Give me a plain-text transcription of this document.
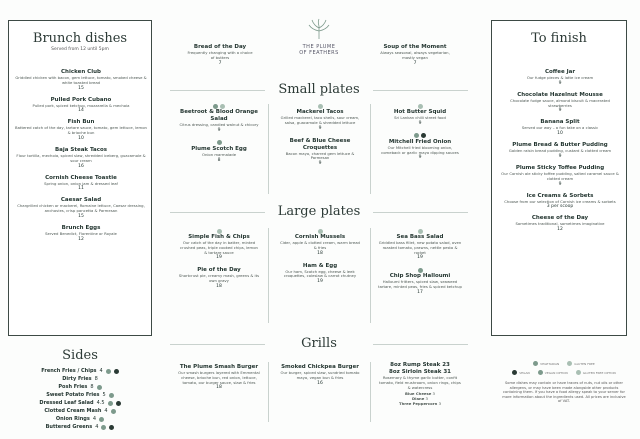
Brunch dishes
Served from 12 until 5pm
Chicken Club
Griddled chicken with bacon, gem lettuce, tomato, smoked cheese & white toasted bread
15
Pulled Pork Cubano
Pulled pork, spiced ketchup, mozzarella & mechoia
14
Fish Bun
Battered catch of the day, tartare sauce, tomato, gem lettuce, lemon & brioche bun
10
Baja Steak Tacos
Flour tortilla, mechoia, spiced slaw, shredded iceberg, guacamole & sour cream
16
Cornish Cheese Toastie
Spring onion, onion jam & dressed leaf
11
Caesar Salad
Chargrilled chicken or mackerel, Romaine lettuce, Caesar dressing, anchovies, crisp pancetta & Parmesan
15
Brunch Eggs
Served Benedict, Florentine or Royale
12
To finish
Coffee Jar
Our fudge pieces & latte ice cream
9
Chocolate Hazelnut Mousse
Chocolate fudge sauce, almond biscuit & macerated strawberries
9
Banana Split
Served our way – a fun take on a classic
10
Plume Bread & Butter Pudding
Golden raisin bread pudding, custard & clotted cream
9
Plume Sticky Toffee Pudding
Our Cornish ale sticky toffee pudding, salted caramel sauce & clotted cream
9
Ice Creams & Sorbets
Choose from our selection of Cornish ice creams & sorbets
3 per scoop
Cheese of the Day
Sometimes traditional, sometimes imaginative
12
Bread of the Day
Frequently changing with a choice of butters
7
THE PLUME
OF FEATHERS
Soup of the Moment
Always seasonal, always vegetarian, mostly vegan
7
Small plates
Beetroot & Blood Orange Salad
Citrus dressing, candied walnut & chicory
9
Plume Scotch Egg
Onion marmalade
8
Mackerel Tacos
Grilled mackerel, taco shells, sour cream, salsa, guacamole & shredded lettuce
9
Beef & Blue Cheese Croquettes
Bacon mayo, charred gem lettuce & Parmesan
9
Hot Butter Squid
Sri Lankan chilli street food
9
Mitchell Fried Onion
Our Mitchell fried blooming onion, comeback or garlic mayo dipping sauces
9
Large plates
Simple Fish & Chips
Our catch of the day in batter, minted crushed peas, triple cooked chips, lemon & tartare sauce
19
Pie of the Day
Shortcrust pie, creamy mash, greens & its own gravy
18
Cornish Mussels
Cider, apple & clotted cream, warm bread & fries
18
Ham & Egg
Our ham, Scotch egg, cheese & leek croquettes, coleslaw & carrot chutney
19
Sea Bass Salad
Griddled bass fillet, new potato salad, oven roasted tomato, prawns, nettle pesto & rocket
19
Chip Shop Halloumi
Halloumi fritters, spiced slaw, seaweed tartare, minted peas, fries & spiced ketchup
17
Grills
The Plume Smash Burger
Our smash burgers layered with Emmental cheese, brioche bun, red onion, lettuce, tomato, our burger sauce, slaw & fries
18
Smoked Chickpea Burger
Our burger, spiced slaw, sundried tomato mayo, vegan bun & fries
16
8oz Rump Steak 23
8oz Sirloin Steak 31
Rosemary & thyme garlic butter, confit tomato, field mushroom, onion rings, chips & watercress
Blue Cheese 3
Diane 3
Three Peppercorn 3
Sides
French Fries / Chips 4
Dirty Fries 8
Posh Fries 8
Sweet Potato Fries 5
Dressed Leaf Salad 4.5
Clotted Cream Mash 4
Onion Rings 4
Buttered Greens 4
VEGETARIAN	GLUTEN FREE
VEGAN	VEGAN OPTION	GLUTEN FREE OPTION
Some dishes may contain or have traces of nuts, nut oils or other allergens, or may have been made alongside other products containing them. If you have a food allergy speak to your server for more information about the ingredients used. All prices are inclusive of VAT.
